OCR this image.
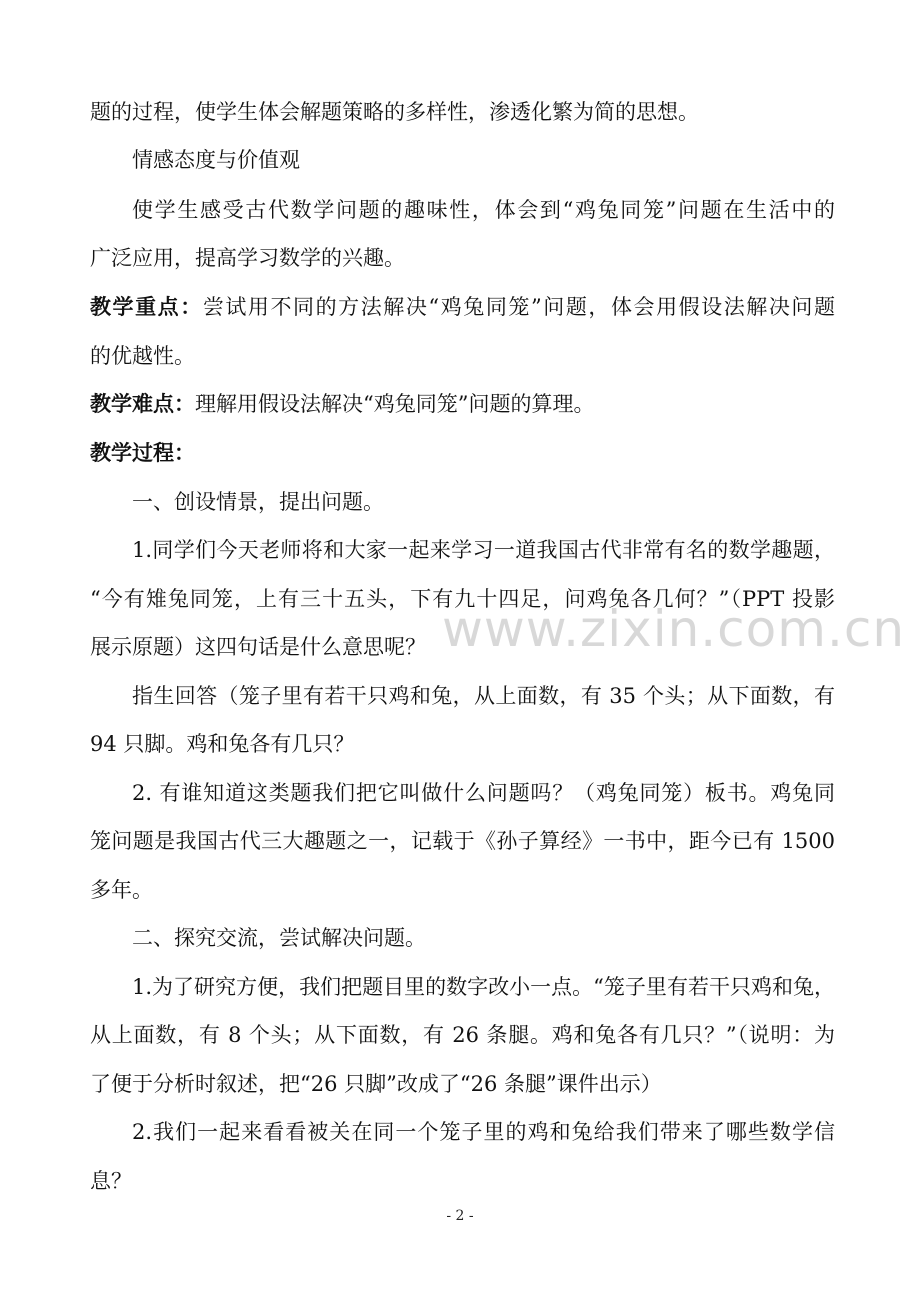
www.zixin.com.cn
题的过程，使学生体会解题策略的多样性，渗透化繁为简的思想。
情感态度与价值观
使学生感受古代数学问题的趣味性，体会到“鸡兔同笼”问题在生活中的
广泛应用，提高学习数学的兴趣。
教学重点：尝试用不同的方法解决“鸡兔同笼”问题，体会用假设法解决问题
的优越性。
教学难点：理解用假设法解决“鸡兔同笼”问题的算理。
教学过程：
一、创设情景，提出问题。
1.同学们今天老师将和大家一起来学习一道我国古代非常有名的数学趣题，
“今有雉兔同笼，上有三十五头，下有九十四足，问鸡兔各几何？”（PPT 投影
展示原题）这四句话是什么意思呢？
指生回答（笼子里有若干只鸡和兔，从上面数，有 35 个头；从下面数，有
94 只脚。鸡和兔各有几只？
2. 有谁知道这类题我们把它叫做什么问题吗？（鸡兔同笼）板书。鸡兔同
笼问题是我国古代三大趣题之一，记载于《孙子算经》一书中，距今已有 1500
多年。
二、探究交流，尝试解决问题。
1.为了研究方便，我们把题目里的数字改小一点。“笼子里有若干只鸡和兔，
从上面数，有 8 个头；从下面数，有 26 条腿。鸡和兔各有几只？”（说明：为
了便于分析时叙述，把“26 只脚”改成了“26 条腿”课件出示）
2.我们一起来看看被关在同一个笼子里的鸡和兔给我们带来了哪些数学信
息？
- 2 -
